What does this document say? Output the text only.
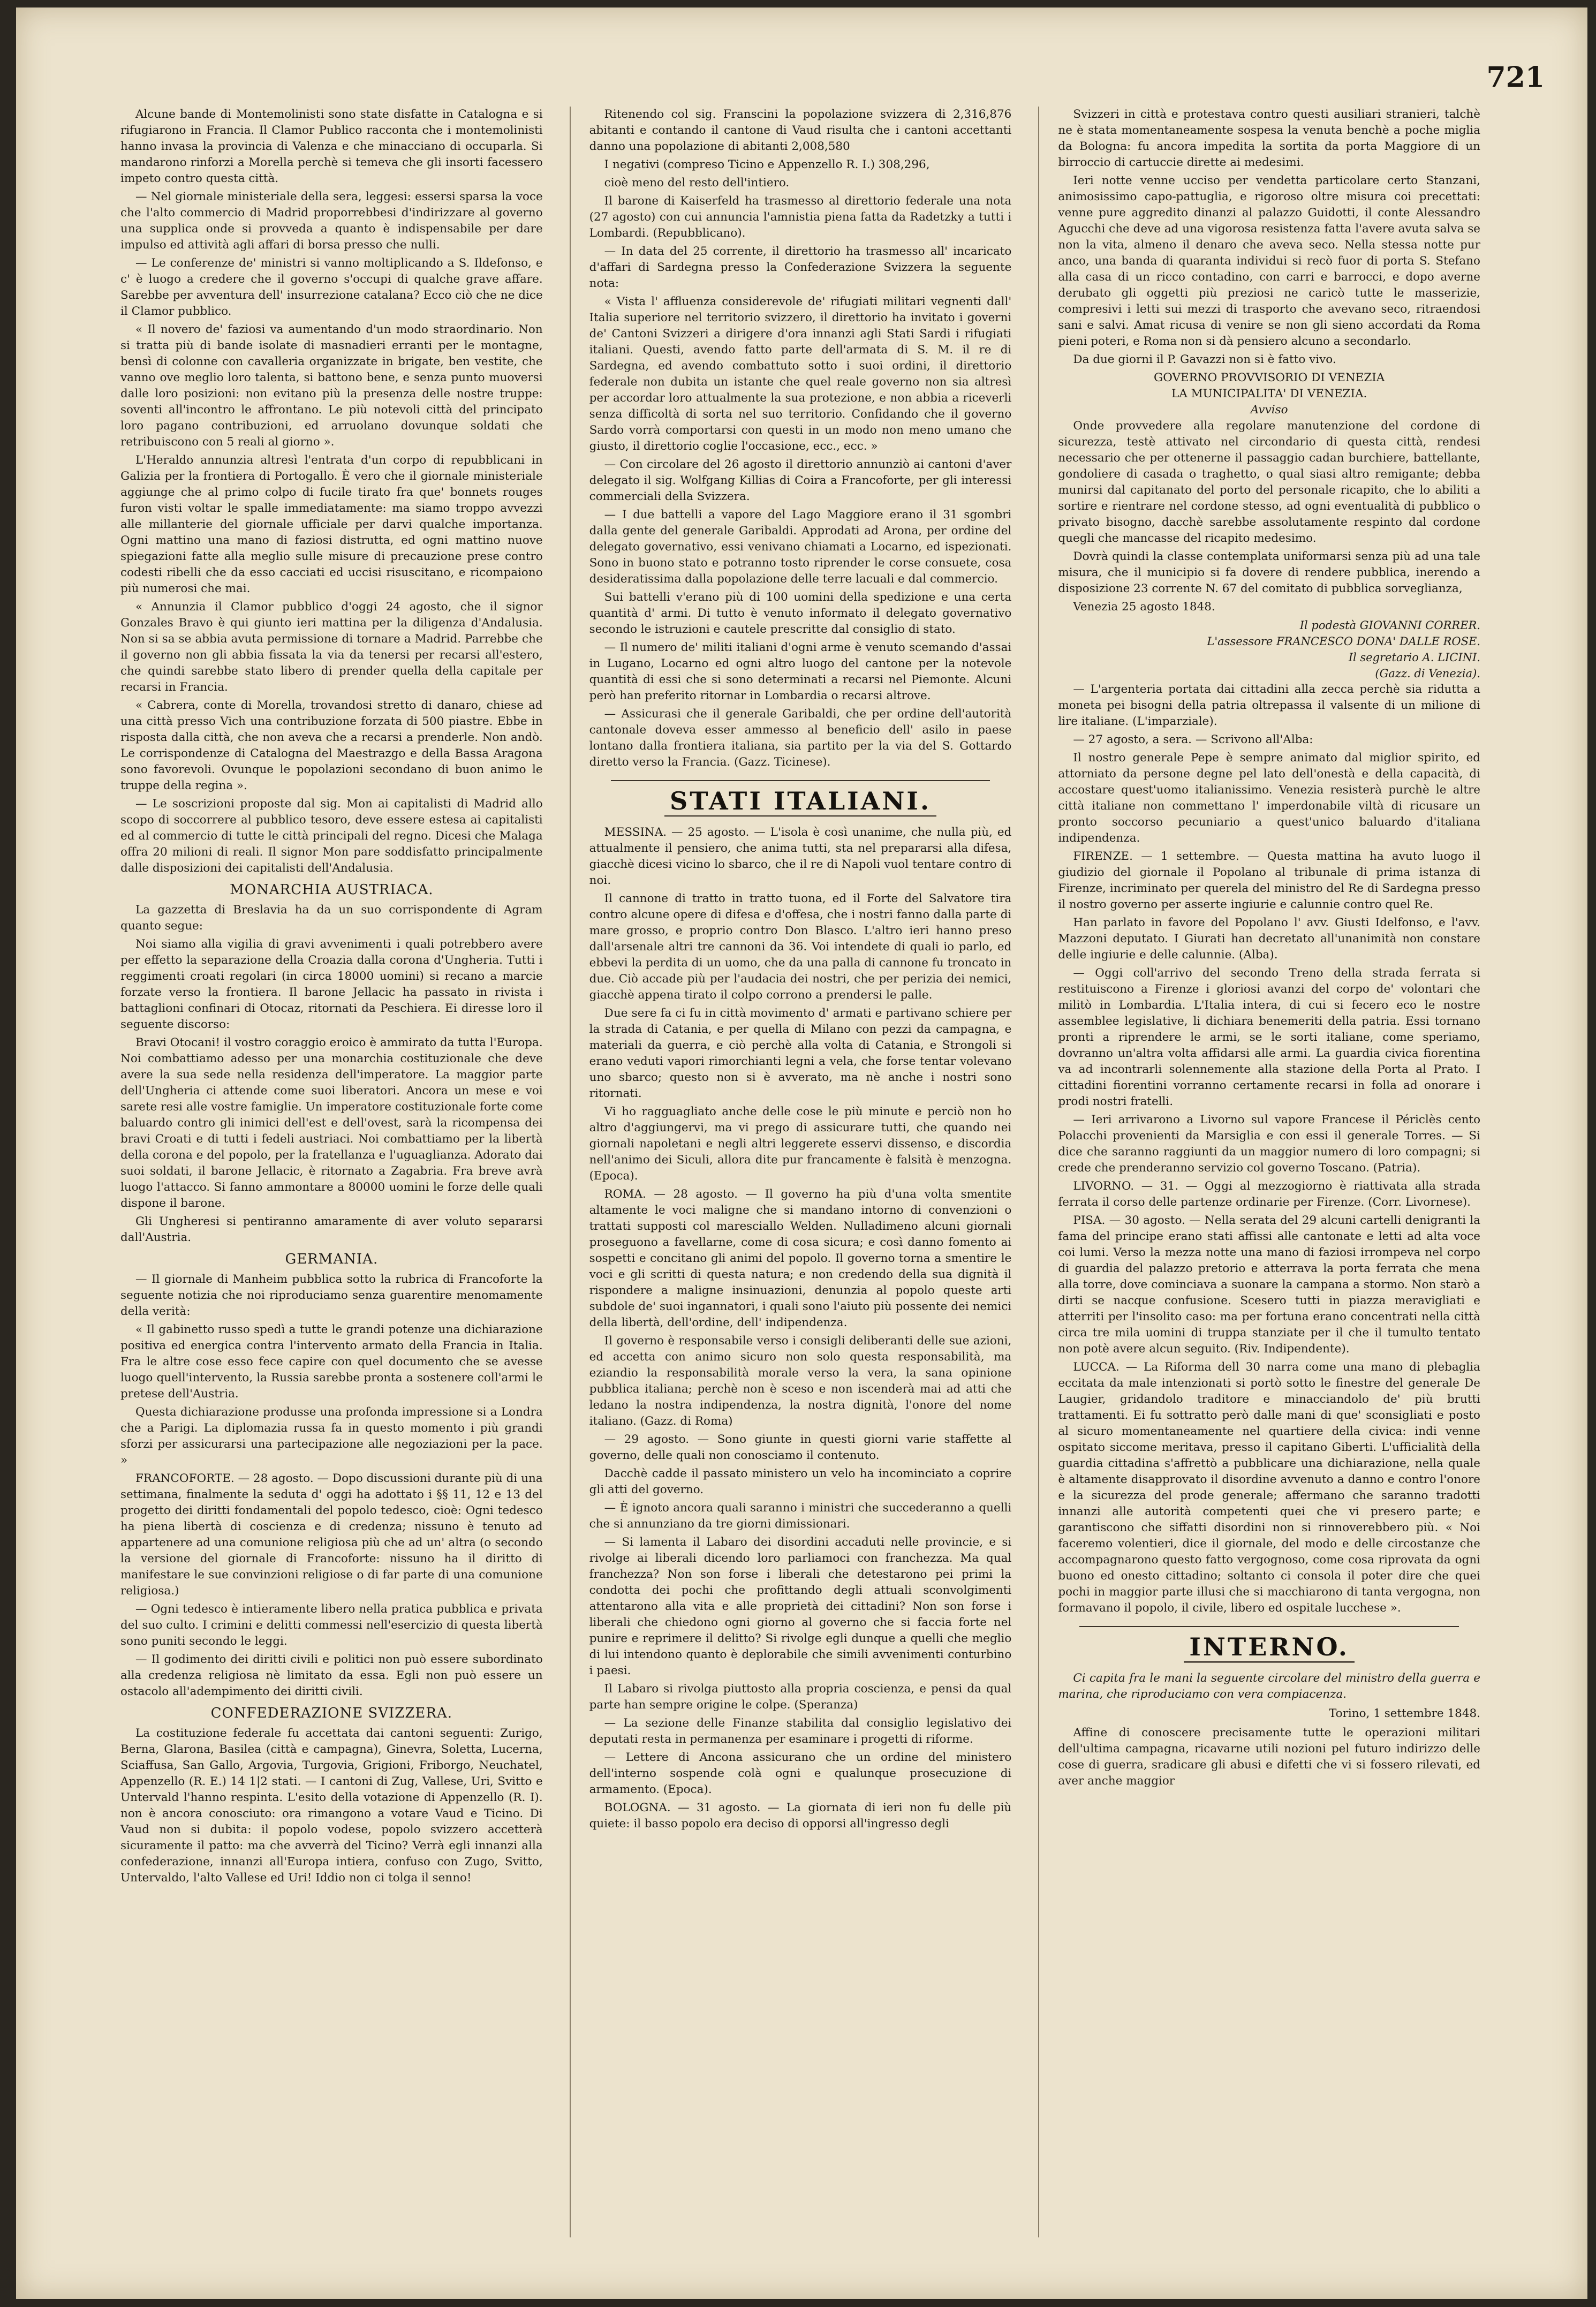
721

Alcune bande di Montemolinisti sono state disfatte in Catalogna e si rifugiarono in Francia. Il Clamor Publico racconta che i montemolinisti hanno invasa la provincia di Valenza e che minacciano di occuparla. Si mandarono rinforzi a Morella perchè si temeva che gli insorti facessero impeto contro questa città.

— Nel giornale ministeriale della sera, leggesi: essersi sparsa la voce che l'alto commercio di Madrid proporrebbesi d'indirizzare al governo una supplica onde si provveda a quanto è indispensabile per dare impulso ed attività agli affari di borsa presso che nulli.

— Le conferenze de' ministri si vanno moltiplicando a S. Ildefonso, e c' è luogo a credere che il governo s'occupi di qualche grave affare. Sarebbe per avventura dell' insurrezione catalana? Ecco ciò che ne dice il Clamor pubblico.

« Il novero de' faziosi va aumentando d'un modo straordinario. Non si tratta più di bande isolate di masnadieri erranti per le montagne, bensì di colonne con cavalleria organizzate in brigate, ben vestite, che vanno ove meglio loro talenta, si battono bene, e senza punto muoversi dalle loro posizioni: non evitano più la presenza delle nostre truppe: soventi all'incontro le affrontano. Le più notevoli città del principato loro pagano contribuzioni, ed arruolano dovunque soldati che retribuiscono con 5 reali al giorno ».

L'Heraldo annunzia altresì l'entrata d'un corpo di repubblicani in Galizia per la frontiera di Portogallo. È vero che il giornale ministeriale aggiunge che al primo colpo di fucile tirato fra que' bonnets rouges furon visti voltar le spalle immediatamente: ma siamo troppo avvezzi alle millanterie del giornale ufficiale per darvi qualche importanza. Ogni mattino una mano di faziosi distrutta, ed ogni mattino nuove spiegazioni fatte alla meglio sulle misure di precauzione prese contro codesti ribelli che da esso cacciati ed uccisi risuscitano, e ricompaiono più numerosi che mai.

« Annunzia il Clamor pubblico d'oggi 24 agosto, che il signor Gonzales Bravo è qui giunto ieri mattina per la diligenza d'Andalusia. Non si sa se abbia avuta permissione di tornare a Madrid. Parrebbe che il governo non gli abbia fissata la via da tenersi per recarsi all'estero, che quindi sarebbe stato libero di prender quella della capitale per recarsi in Francia.

« Cabrera, conte di Morella, trovandosi stretto di danaro, chiese ad una città presso Vich una contribuzione forzata di 500 piastre. Ebbe in risposta dalla città, che non aveva che a recarsi a prenderle. Non andò. Le corrispondenze di Catalogna del Maestrazgo e della Bassa Aragona sono favorevoli. Ovunque le popolazioni secondano di buon animo le truppe della regina ».

— Le soscrizioni proposte dal sig. Mon ai capitalisti di Madrid allo scopo di soccorrere al pubblico tesoro, deve essere estesa ai capitalisti ed al commercio di tutte le città principali del regno. Dicesi che Malaga offra 20 milioni di reali. Il signor Mon pare soddisfatto principalmente dalle disposizioni dei capitalisti dell'Andalusia.

MONARCHIA AUSTRIACA.

La gazzetta di Breslavia ha da un suo corrispondente di Agram quanto segue:

Noi siamo alla vigilia di gravi avvenimenti i quali potrebbero avere per effetto la separazione della Croazia dalla corona d'Ungheria. Tutti i reggimenti croati regolari (in circa 18000 uomini) si recano a marcie forzate verso la frontiera. Il barone Jellacic ha passato in rivista i battaglioni confinari di Otocaz, ritornati da Peschiera. Ei diresse loro il seguente discorso:

Bravi Otocani! il vostro coraggio eroico è ammirato da tutta l'Europa. Noi combattiamo adesso per una monarchia costituzionale che deve avere la sua sede nella residenza dell'imperatore. La maggior parte dell'Ungheria ci attende come suoi liberatori. Ancora un mese e voi sarete resi alle vostre famiglie. Un imperatore costituzionale forte come baluardo contro gli inimici dell'est e dell'ovest, sarà la ricompensa dei bravi Croati e di tutti i fedeli austriaci. Noi combattiamo per la libertà della corona e del popolo, per la fratellanza e l'uguaglianza. Adorato dai suoi soldati, il barone Jellacic, è ritornato a Zagabria. Fra breve avrà luogo l'attacco. Si fanno ammontare a 80000 uomini le forze delle quali dispone il barone.

Gli Ungheresi si pentiranno amaramente di aver voluto separarsi dall'Austria.

GERMANIA.

— Il giornale di Manheim pubblica sotto la rubrica di Francoforte la seguente notizia che noi riproduciamo senza guarentire menomamente della verità:

« Il gabinetto russo spedì a tutte le grandi potenze una dichiarazione positiva ed energica contra l'intervento armato della Francia in Italia. Fra le altre cose esso fece capire con quel documento che se avesse luogo quell'intervento, la Russia sarebbe pronta a sostenere coll'armi le pretese dell'Austria.

Questa dichiarazione produsse una profonda impressione si a Londra che a Parigi. La diplomazia russa fa in questo momento i più grandi sforzi per assicurarsi una partecipazione alle negoziazioni per la pace. »

FRANCOFORTE. — 28 agosto. — Dopo discussioni durante più di una settimana, finalmente la seduta d' oggi ha adottato i §§ 11, 12 e 13 del progetto dei diritti fondamentali del popolo tedesco, cioè: Ogni tedesco ha piena libertà di coscienza e di credenza; nissuno è tenuto ad appartenere ad una comunione religiosa più che ad un' altra (o secondo la versione del giornale di Francoforte: nissuno ha il diritto di manifestare le sue convinzioni religiose o di far parte di una comunione religiosa.)

— Ogni tedesco è intieramente libero nella pratica pubblica e privata del suo culto. I crimini e delitti commessi nell'esercizio di questa libertà sono puniti secondo le leggi.

— Il godimento dei diritti civili e politici non può essere subordinato alla credenza religiosa nè limitato da essa. Egli non può essere un ostacolo all'adempimento dei diritti civili.

CONFEDERAZIONE SVIZZERA.

La costituzione federale fu accettata dai cantoni seguenti: Zurigo, Berna, Glarona, Basilea (città e campagna), Ginevra, Soletta, Lucerna, Sciaffusa, San Gallo, Argovia, Turgovia, Grigioni, Friborgo, Neuchatel, Appenzello (R. E.) 14 1|2 stati. — I cantoni di Zug, Vallese, Uri, Svitto e Untervald l'hanno respinta. L'esito della votazione di Appenzello (R. I). non è ancora conosciuto: ora rimangono a votare Vaud e Ticino. Di Vaud non si dubita: il popolo vodese, popolo svizzero accetterà sicuramente il patto: ma che avverrà del Ticino? Verrà egli innanzi alla confederazione, innanzi all'Europa intiera, confuso con Zugo, Svitto, Untervaldo, l'alto Vallese ed Uri! Iddio non ci tolga il senno!

Ritenendo col sig. Franscini la popolazione svizzera di 2,316,876 abitanti e contando il cantone di Vaud risulta che i cantoni accettanti danno una popolazione di abitanti 2,008,580

I negativi (compreso Ticino e Appenzello R. I.) 308,296,

cioè meno del resto dell'intiero.

Il barone di Kaiserfeld ha trasmesso al direttorio federale una nota (27 agosto) con cui annuncia l'amnistia piena fatta da Radetzky a tutti i Lombardi. (Repubblicano).

— In data del 25 corrente, il direttorio ha trasmesso all' incaricato d'affari di Sardegna presso la Confederazione Svizzera la seguente nota:

« Vista l' affluenza considerevole de' rifugiati militari vegnenti dall' Italia superiore nel territorio svizzero, il direttorio ha invitato i governi de' Cantoni Svizzeri a dirigere d'ora innanzi agli Stati Sardi i rifugiati italiani. Questi, avendo fatto parte dell'armata di S. M. il re di Sardegna, ed avendo combattuto sotto i suoi ordini, il direttorio federale non dubita un istante che quel reale governo non sia altresì per accordar loro attualmente la sua protezione, e non abbia a riceverli senza difficoltà di sorta nel suo territorio. Confidando che il governo Sardo vorrà comportarsi con questi in un modo non meno umano che giusto, il direttorio coglie l'occasione, ecc., ecc. »

— Con circolare del 26 agosto il direttorio annunziò ai cantoni d'aver delegato il sig. Wolfgang Killias di Coira a Francoforte, per gli interessi commerciali della Svizzera.

— I due battelli a vapore del Lago Maggiore erano il 31 sgombri dalla gente del generale Garibaldi. Approdati ad Arona, per ordine del delegato governativo, essi venivano chiamati a Locarno, ed ispezionati. Sono in buono stato e potranno tosto riprender le corse consuete, cosa desideratissima dalla popolazione delle terre lacuali e dal commercio.

Sui battelli v'erano più di 100 uomini della spedizione e una certa quantità d' armi. Di tutto è venuto informato il delegato governativo secondo le istruzioni e cautele prescritte dal consiglio di stato.

— Il numero de' militi italiani d'ogni arme è venuto scemando d'assai in Lugano, Locarno ed ogni altro luogo del cantone per la notevole quantità di essi che si sono determinati a recarsi nel Piemonte. Alcuni però han preferito ritornar in Lombardia o recarsi altrove.

— Assicurasi che il generale Garibaldi, che per ordine dell'autorità cantonale doveva esser ammesso al beneficio dell' asilo in paese lontano dalla frontiera italiana, sia partito per la via del S. Gottardo diretto verso la Francia. (Gazz. Ticinese).

STATI ITALIANI.

MESSINA. — 25 agosto. — L'isola è così unanime, che nulla più, ed attualmente il pensiero, che anima tutti, sta nel prepararsi alla difesa, giacchè dicesi vicino lo sbarco, che il re di Napoli vuol tentare contro di noi.

Il cannone di tratto in tratto tuona, ed il Forte del Salvatore tira contro alcune opere di difesa e d'offesa, che i nostri fanno dalla parte di mare grosso, e proprio contro Don Blasco. L'altro ieri hanno preso dall'arsenale altri tre cannoni da 36. Voi intendete di quali io parlo, ed ebbevi la perdita di un uomo, che da una palla di cannone fu troncato in due. Ciò accade più per l'audacia dei nostri, che per perizia dei nemici, giacchè appena tirato il colpo corrono a prendersi le palle.

Due sere fa ci fu in città movimento d' armati e partivano schiere per la strada di Catania, e per quella di Milano con pezzi da campagna, e materiali da guerra, e ciò perchè alla volta di Catania, e Strongoli si erano veduti vapori rimorchianti legni a vela, che forse tentar volevano uno sbarco; questo non si è avverato, ma nè anche i nostri sono ritornati.

Vi ho ragguagliato anche delle cose le più minute e perciò non ho altro d'aggiungervi, ma vi prego di assicurare tutti, che quando nei giornali napoletani e negli altri leggerete esservi dissenso, e discordia nell'animo dei Siculi, allora dite pur francamente è falsità è menzogna. (Epoca).

ROMA. — 28 agosto. — Il governo ha più d'una volta smentite altamente le voci maligne che si mandano intorno di convenzioni o trattati supposti col maresciallo Welden. Nulladimeno alcuni giornali proseguono a favellarne, come di cosa sicura; e così danno fomento ai sospetti e concitano gli animi del popolo. Il governo torna a smentire le voci e gli scritti di questa natura; e non credendo della sua dignità il rispondere a maligne insinuazioni, denunzia al popolo queste arti subdole de' suoi ingannatori, i quali sono l'aiuto più possente dei nemici della libertà, dell'ordine, dell' indipendenza.

Il governo è responsabile verso i consigli deliberanti delle sue azioni, ed accetta con animo sicuro non solo questa responsabilità, ma eziandio la responsabilità morale verso la vera, la sana opinione pubblica italiana; perchè non è sceso e non iscenderà mai ad atti che ledano la nostra indipendenza, la nostra dignità, l'onore del nome italiano. (Gazz. di Roma)

— 29 agosto. — Sono giunte in questi giorni varie staffette al governo, delle quali non conosciamo il contenuto.

Dacchè cadde il passato ministero un velo ha incominciato a coprire gli atti del governo.

— È ignoto ancora quali saranno i ministri che succederanno a quelli che si annunziano da tre giorni dimissionari.

— Si lamenta il Labaro dei disordini accaduti nelle provincie, e si rivolge ai liberali dicendo loro parliamoci con franchezza. Ma qual franchezza? Non son forse i liberali che detestarono pei primi la condotta dei pochi che profittando degli attuali sconvolgimenti attentarono alla vita e alle proprietà dei cittadini? Non son forse i liberali che chiedono ogni giorno al governo che si faccia forte nel punire e reprimere il delitto? Si rivolge egli dunque a quelli che meglio di lui intendono quanto è deplorabile che simili avvenimenti conturbino i paesi.

Il Labaro si rivolga piuttosto alla propria coscienza, e pensi da qual parte han sempre origine le colpe. (Speranza)

— La sezione delle Finanze stabilita dal consiglio legislativo dei deputati resta in permanenza per esaminare i progetti di riforme.

— Lettere di Ancona assicurano che un ordine del ministero dell'interno sospende colà ogni e qualunque prosecuzione di armamento. (Epoca).

BOLOGNA. — 31 agosto. — La giornata di ieri non fu delle più quiete: il basso popolo era deciso di opporsi all'ingresso degli

Svizzeri in città e protestava contro questi ausiliari stranieri, talchè ne è stata momentaneamente sospesa la venuta benchè a poche miglia da Bologna: fu ancora impedita la sortita da porta Maggiore di un birroccio di cartuccie dirette ai medesimi.

Ieri notte venne ucciso per vendetta particolare certo Stanzani, animosissimo capo-pattuglia, e rigoroso oltre misura coi precettati: venne pure aggredito dinanzi al palazzo Guidotti, il conte Alessandro Agucchi che deve ad una vigorosa resistenza fatta l'avere avuta salva se non la vita, almeno il denaro che aveva seco. Nella stessa notte pur anco, una banda di quaranta individui si recò fuor di porta S. Stefano alla casa di un ricco contadino, con carri e barrocci, e dopo averne derubato gli oggetti più preziosi ne caricò tutte le masserizie, compresivi i letti sui mezzi di trasporto che avevano seco, ritraendosi sani e salvi. Amat ricusa di venire se non gli sieno accordati da Roma pieni poteri, e Roma non si dà pensiero alcuno a secondarlo.

Da due giorni il P. Gavazzi non si è fatto vivo.

GOVERNO PROVVISORIO DI VENEZIA

LA MUNICIPALITA' DI VENEZIA.

Avviso

Onde provvedere alla regolare manutenzione del cordone di sicurezza, testè attivato nel circondario di questa città, rendesi necessario che per ottenerne il passaggio cadan burchiere, battellante, gondoliere di casada o traghetto, o qual siasi altro remigante; debba munirsi dal capitanato del porto del personale ricapito, che lo abiliti a sortire e rientrare nel cordone stesso, ad ogni eventualità di pubblico o privato bisogno, dacchè sarebbe assolutamente respinto dal cordone quegli che mancasse del ricapito medesimo.

Dovrà quindi la classe contemplata uniformarsi senza più ad una tale misura, che il municipio si fa dovere di rendere pubblica, inerendo a disposizione 23 corrente N. 67 del comitato di pubblica sorveglianza,

Venezia 25 agosto 1848.

Il podestà GIOVANNI CORRER.

L'assessore FRANCESCO DONA' DALLE ROSE.

Il segretario A. LICINI.

(Gazz. di Venezia).

— L'argenteria portata dai cittadini alla zecca perchè sia ridutta a moneta pei bisogni della patria oltrepassa il valsente di un milione di lire italiane. (L'imparziale).

— 27 agosto, a sera. — Scrivono all'Alba:

Il nostro generale Pepe è sempre animato dal miglior spirito, ed attorniato da persone degne pel lato dell'onestà e della capacità, di accostare quest'uomo italianissimo. Venezia resisterà purchè le altre città italiane non commettano l' imperdonabile viltà di ricusare un pronto soccorso pecuniario a quest'unico baluardo d'italiana indipendenza.

FIRENZE. — 1 settembre. — Questa mattina ha avuto luogo il giudizio del giornale il Popolano al tribunale di prima istanza di Firenze, incriminato per querela del ministro del Re di Sardegna presso il nostro governo per asserte ingiurie e calunnie contro quel Re.

Han parlato in favore del Popolano l' avv. Giusti Idelfonso, e l'avv. Mazzoni deputato. I Giurati han decretato all'unanimità non constare delle ingiurie e delle calunnie. (Alba).

— Oggi coll'arrivo del secondo Treno della strada ferrata si restituiscono a Firenze i gloriosi avanzi del corpo de' volontari che militò in Lombardia. L'Italia intera, di cui si fecero eco le nostre assemblee legislative, li dichiara benemeriti della patria. Essi tornano pronti a riprendere le armi, se le sorti italiane, come speriamo, dovranno un'altra volta affidarsi alle armi. La guardia civica fiorentina va ad incontrarli solennemente alla stazione della Porta al Prato. I cittadini fiorentini vorranno certamente recarsi in folla ad onorare i prodi nostri fratelli.

— Ieri arrivarono a Livorno sul vapore Francese il Périclès cento Polacchi provenienti da Marsiglia e con essi il generale Torres. — Si dice che saranno raggiunti da un maggior numero di loro compagni; si crede che prenderanno servizio col governo Toscano. (Patria).

LIVORNO. — 31. — Oggi al mezzogiorno è riattivata alla strada ferrata il corso delle partenze ordinarie per Firenze. (Corr. Livornese).

PISA. — 30 agosto. — Nella serata del 29 alcuni cartelli denigranti la fama del principe erano stati affissi alle cantonate e letti ad alta voce coi lumi. Verso la mezza notte una mano di faziosi irrompeva nel corpo di guardia del palazzo pretorio e atterrava la porta ferrata che mena alla torre, dove cominciava a suonare la campana a stormo. Non starò a dirti se nacque confusione. Scesero tutti in piazza meravigliati e atterriti per l'insolito caso: ma per fortuna erano concentrati nella città circa tre mila uomini di truppa stanziate per il che il tumulto tentato non potè avere alcun seguito. (Riv. Indipendente).

LUCCA. — La Riforma dell 30 narra come una mano di plebaglia eccitata da male intenzionati si portò sotto le finestre del generale De Laugier, gridandolo traditore e minacciandolo de' più brutti trattamenti. Ei fu sottratto però dalle mani di que' sconsigliati e posto al sicuro momentaneamente nel quartiere della civica: indi venne ospitato siccome meritava, presso il capitano Giberti. L'ufficialità della guardia cittadina s'affrettò a pubblicare una dichiarazione, nella quale è altamente disapprovato il disordine avvenuto a danno e contro l'onore e la sicurezza del prode generale; affermano che saranno tradotti innanzi alle autorità competenti quei che vi presero parte; e garantiscono che siffatti disordini non si rinnoverebbero più. « Noi faceremo volentieri, dice il giornale, del modo e delle circostanze che accompagnarono questo fatto vergognoso, come cosa riprovata da ogni buono ed onesto cittadino; soltanto ci consola il poter dire che quei pochi in maggior parte illusi che si macchiarono di tanta vergogna, non formavano il popolo, il civile, libero ed ospitale lucchese ».

INTERNO.

Ci capita fra le mani la seguente circolare del ministro della guerra e marina, che riproduciamo con vera compiacenza.

Torino, 1 settembre 1848.

Affine di conoscere precisamente tutte le operazioni militari dell'ultima campagna, ricavarne utili nozioni pel futuro indirizzo delle cose di guerra, sradicare gli abusi e difetti che vi si fossero rilevati, ed aver anche maggior
